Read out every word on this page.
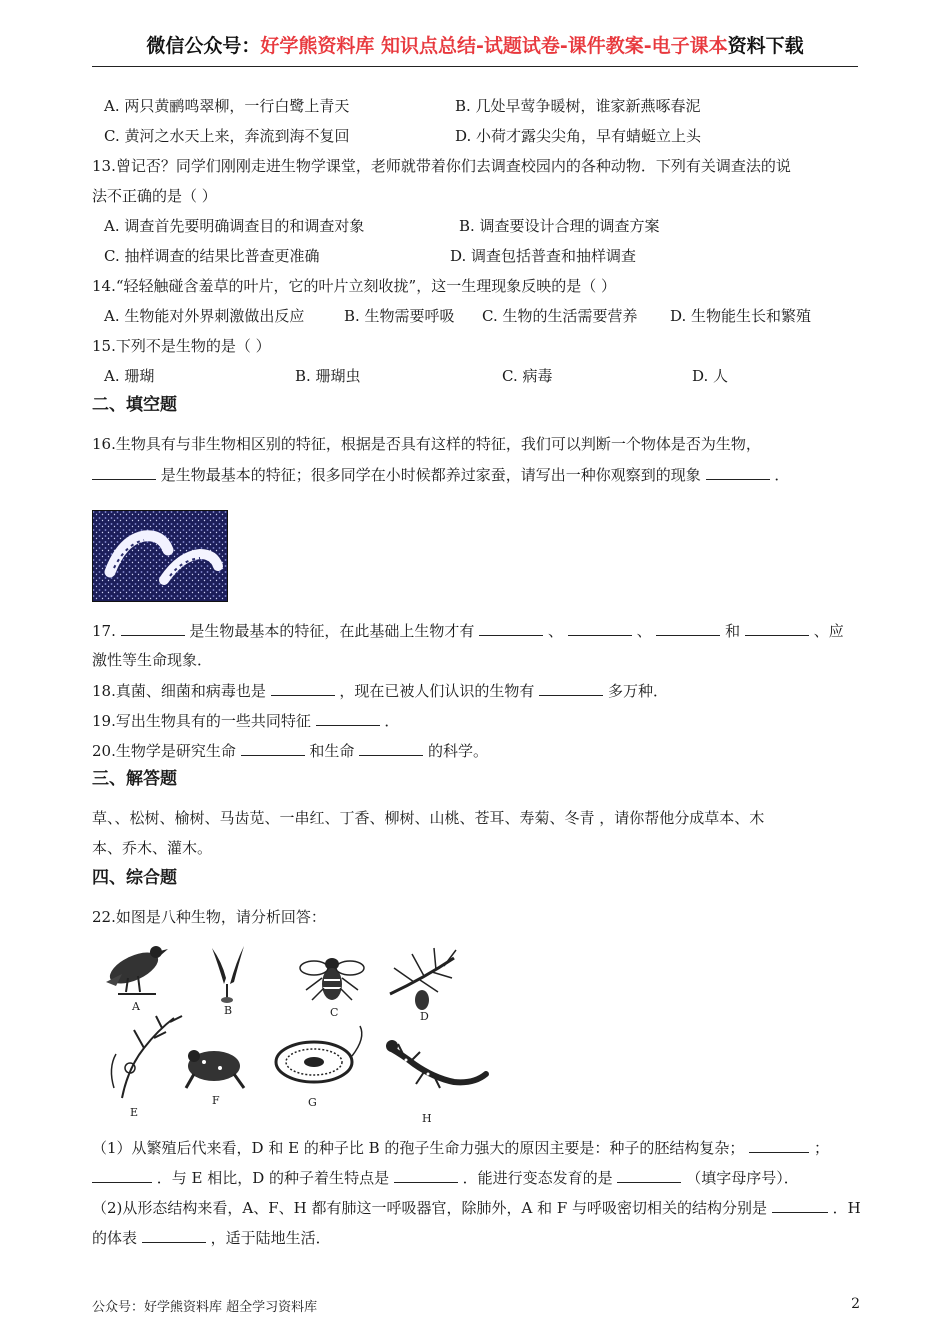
微信公众号：好学熊资料库 知识点总结-试题试卷-课件教案-电子课本资料下载
A. 两只黄鹂鸣翠柳，一行白鹭上青天	B. 几处早莺争暖树，谁家新燕啄春泥
C. 黄河之水天上来，奔流到海不复回	D. 小荷才露尖尖角，早有蜻蜓立上头
13.曾记否？同学们刚刚走进生物学课堂，老师就带着你们去调查校园内的各种动物．下列有关调查法的说
法不正确的是（ ）
A. 调查首先要明确调查目的和调查对象	B. 调查要设计合理的调查方案
C. 抽样调查的结果比普查更准确	D. 调查包括普查和抽样调查
14.“轻轻触碰含羞草的叶片，它的叶片立刻收拢”，这一生理现象反映的是（ ）
A. 生物能对外界刺激做出反应	B. 生物需要呼吸 C. 生物的生活需要营养 D. 生物能生长和繁殖
15.下列不是生物的是（ ）
A. 珊瑚	B. 珊瑚虫	C. 病毒	D. 人
二、填空题
16.生物具有与非生物相区别的特征，根据是否具有这样的特征，我们可以判断一个物体是否为生物，
是生物最基本的特征；很多同学在小时候都养过家蚕，请写出一种你观察到的现象	．
17.	是生物最基本的特征，在此基础上生物才有	、	、	和	、应
激性等生命现象．
18.真菌、细菌和病毒也是	，现在已被人们认识的生物有	多万种．
19.写出生物具有的一些共同特征	．
20.生物学是研究生命	和生命	的科学。
三、解答题
草、、松树、榆树、马齿苋、一串红、丁香、柳树、山桃、苍耳、寿菊、冬青 ，请你帮他分成草本、木
本、乔木、灌木。
四、综合题
22.如图是八种生物，请分析回答：
A	B	C	D
E
F	G
H
（1）从繁殖后代来看，D 和 E 的种子比 B 的孢子生命力强大的原因主要是：种子的胚结构复杂；	；
．与 E 相比，D 的种子着生特点是	．能进行变态发育的是	（填字母序号）．
（2)从形态结构来看，A、F、H 都有肺这一呼吸器官，除肺外，A 和 F 与呼吸密切相关的结构分别是	．H
的体表	，适于陆地生活．
公众号：好学熊资料库 超全学习资料库	2
